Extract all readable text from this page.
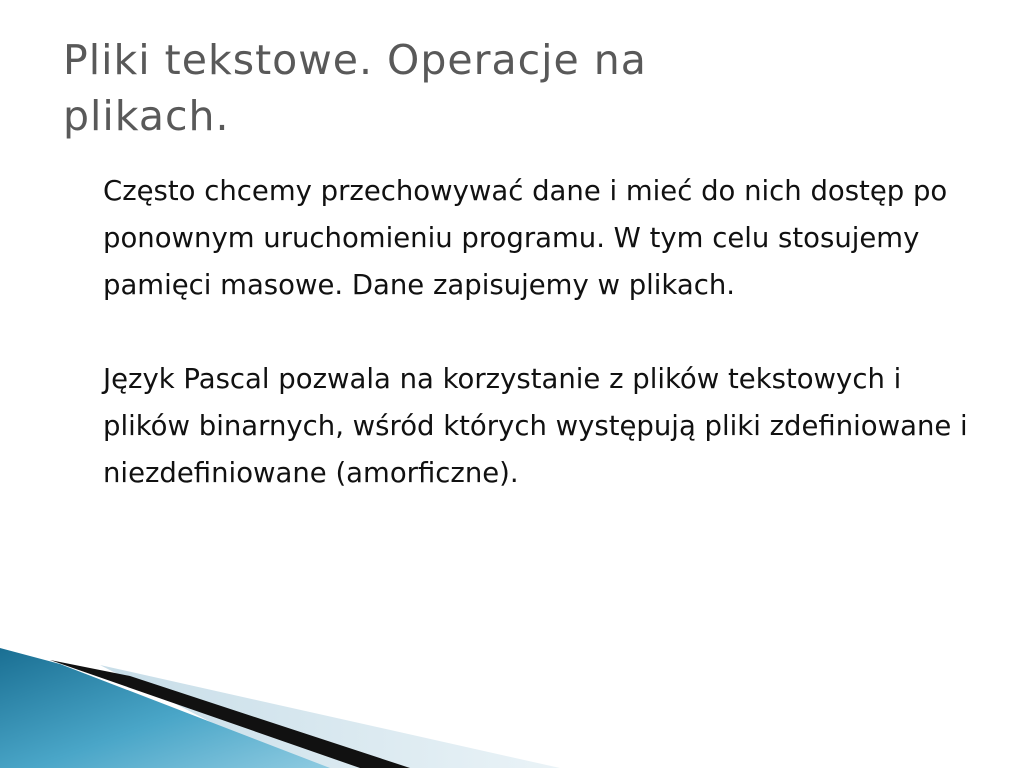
Pliki tekstowe. Operacje na plikach.

Często chcemy przechowywać dane i mieć do nich dostęp po ponownym uruchomieniu programu. W tym celu stosujemy pamięci masowe. Dane zapisujemy w plikach.

Język Pascal pozwala na korzystanie z plików tekstowych i plików binarnych, wśród których występują pliki zdefiniowane i niezdefiniowane (amorficzne).
